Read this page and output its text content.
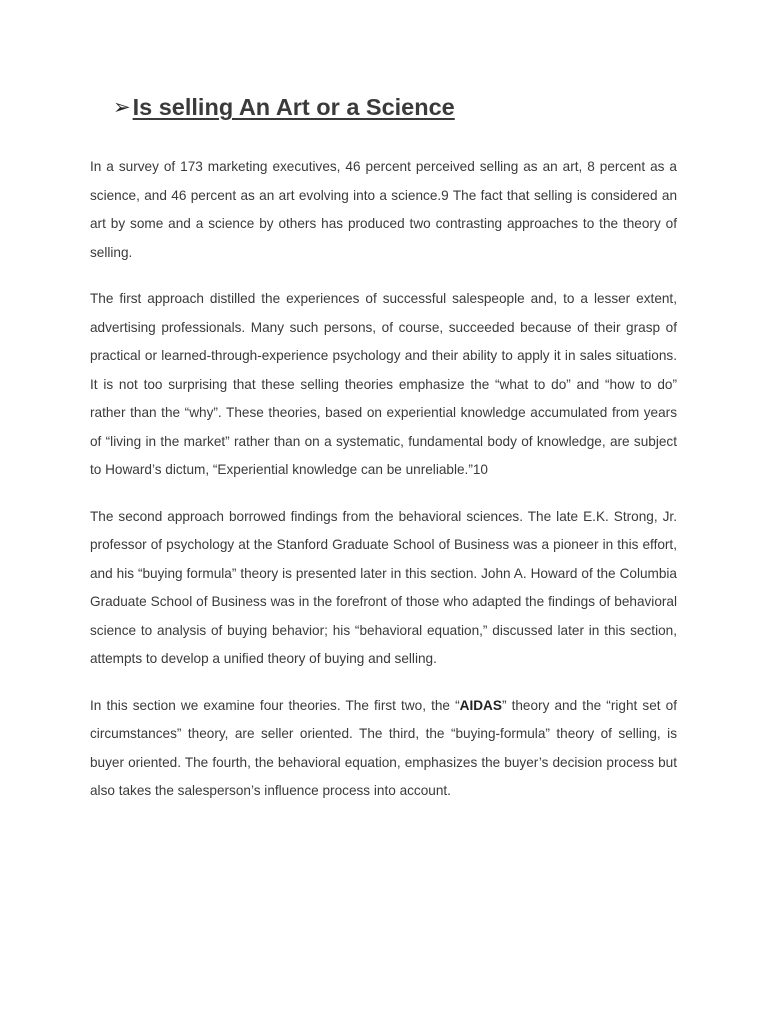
➢ Is selling An Art or a Science

In a survey of 173 marketing executives, 46 percent perceived selling as an art, 8 percent as a science, and 46 percent as an art evolving into a science.9 The fact that selling is considered an art by some and a science by others has produced two contrasting approaches to the theory of selling.

The first approach distilled the experiences of successful salespeople and, to a lesser extent, advertising professionals. Many such persons, of course, succeeded because of their grasp of practical or learned-through-experience psychology and their ability to apply it in sales situations. It is not too surprising that these selling theories emphasize the “what to do” and “how to do” rather than the “why”. These theories, based on experiential knowledge accumulated from years of “living in the market” rather than on a systematic, fundamental body of knowledge, are subject to Howard’s dictum, “Experiential knowledge can be unreliable.”10

The second approach borrowed findings from the behavioral sciences. The late E.K. Strong, Jr. professor of psychology at the Stanford Graduate School of Business was a pioneer in this effort, and his “buying formula” theory is presented later in this section. John A. Howard of the Columbia Graduate School of Business was in the forefront of those who adapted the findings of behavioral science to analysis of buying behavior; his “behavioral equation,” discussed later in this section, attempts to develop a unified theory of buying and selling.

In this section we examine four theories. The first two, the “AIDAS” theory and the “right set of circumstances” theory, are seller oriented. The third, the “buying-formula” theory of selling, is buyer oriented. The fourth, the behavioral equation, emphasizes the buyer’s decision process but also takes the salesperson’s influence process into account.
